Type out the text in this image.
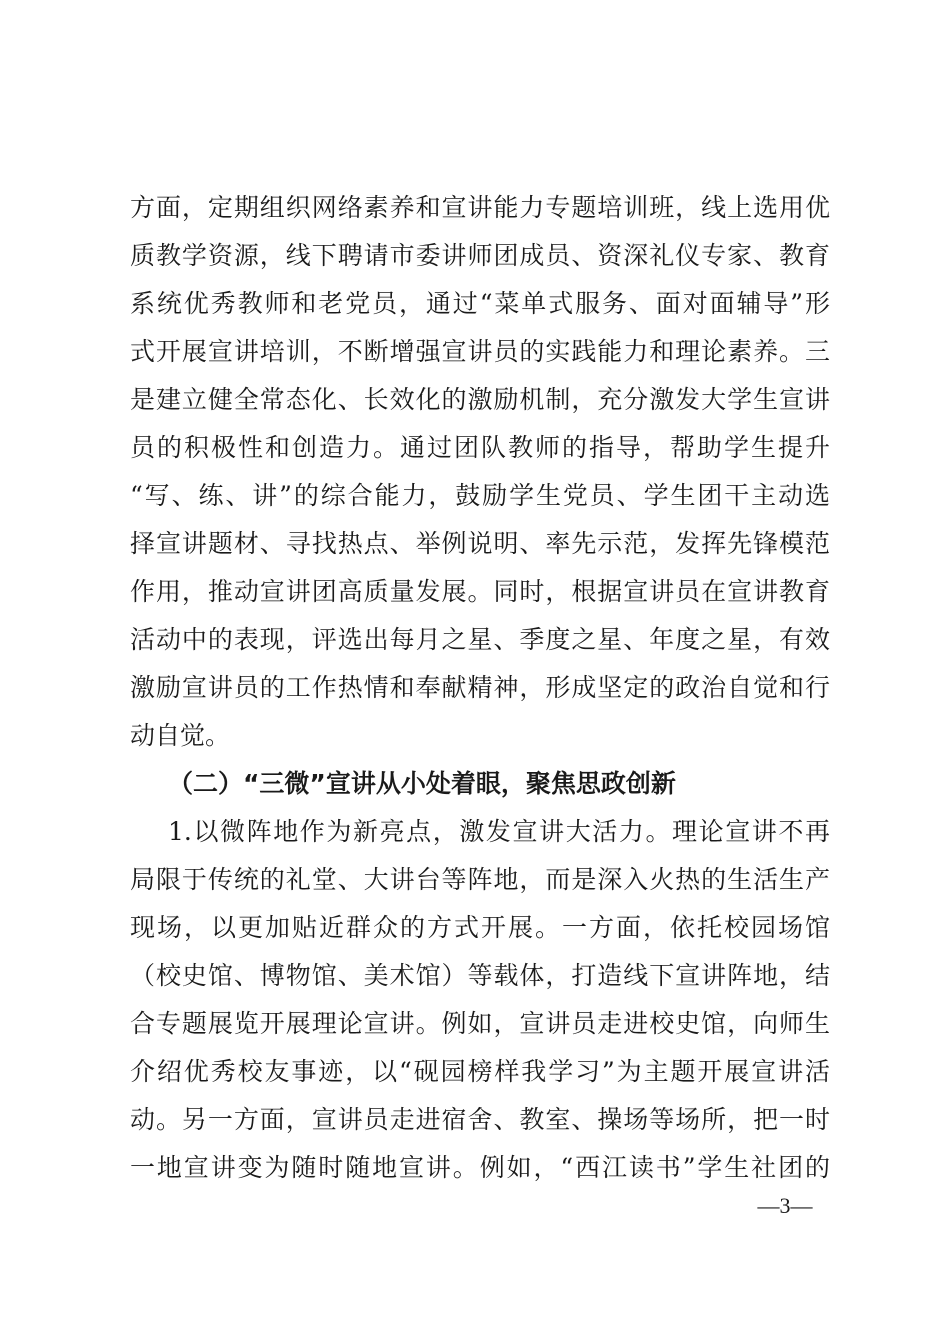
方面，定期组织网络素养和宣讲能力专题培训班，线上选用优
质教学资源，线下聘请市委讲师团成员、资深礼仪专家、教育
系统优秀教师和老党员，通过“菜单式服务、面对面辅导”形
式开展宣讲培训，不断增强宣讲员的实践能力和理论素养。三
是建立健全常态化、长效化的激励机制，充分激发大学生宣讲
员的积极性和创造力。通过团队教师的指导，帮助学生提升
“写、练、讲”的综合能力，鼓励学生党员、学生团干主动选
择宣讲题材、寻找热点、举例说明、率先示范，发挥先锋模范
作用，推动宣讲团高质量发展。同时，根据宣讲员在宣讲教育
活动中的表现，评选出每月之星、季度之星、年度之星，有效
激励宣讲员的工作热情和奉献精神，形成坚定的政治自觉和行
动自觉。
（二）“三微”宣讲从小处着眼，聚焦思政创新
1.以微阵地作为新亮点，激发宣讲大活力。理论宣讲不再
局限于传统的礼堂、大讲台等阵地，而是深入火热的生活生产
现场，以更加贴近群众的方式开展。一方面，依托校园场馆
（校史馆、博物馆、美术馆）等载体，打造线下宣讲阵地，结
合专题展览开展理论宣讲。例如，宣讲员走进校史馆，向师生
介绍优秀校友事迹，以“砚园榜样我学习”为主题开展宣讲活
动。另一方面，宣讲员走进宿舍、教室、操场等场所，把一时
一地宣讲变为随时随地宣讲。例如，“西江读书”学生社团的
—3—
